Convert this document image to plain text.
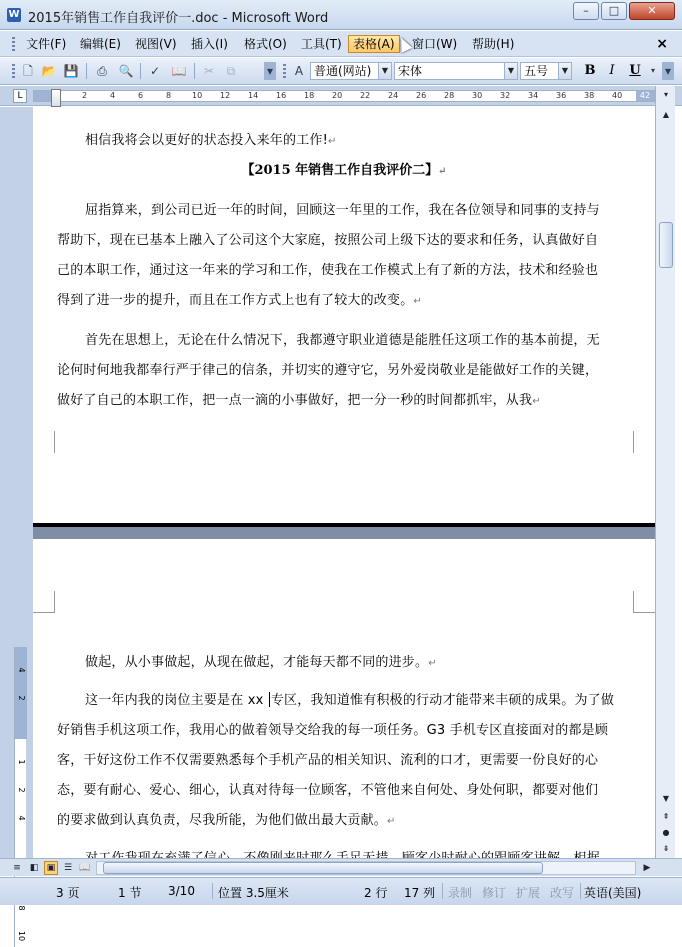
W 2015年销售工作自我评价一.doc - Microsoft Word
–	□	✕
文件(F)	编辑(E)	视图(V)	插入(I)	格式(O)	工具(T) 表格(A)	窗口(W)	帮助(H)	×
🗋 📂 💾	⎙ 🔍	✓ 📖	✂	⧉	▾	A 普通(网站)	▼ 宋体	▼ 五号	▼ B	I	U	▾ ▾
L	2	4	6	8	10 12 14 16 18 20 22 24 26 28 30 32 34 36 38 40	42
4
2
1
2
4
8
10
相信我将会以更好的状态投入来年的工作!↵
【2015 年销售工作自我评价二】↵
屈指算来，到公司已近一年的时间，回顾这一年里的工作，我在各位领导和同事的支持与
帮助下，现在已基本上融入了公司这个大家庭，按照公司上级下达的要求和任务，认真做好自
己的本职工作，通过这一年来的学习和工作，使我在工作模式上有了新的方法，技术和经验也
得到了进一步的提升，而且在工作方式上也有了较大的改变。↵
首先在思想上，无论在什么情况下，我都遵守职业道德是能胜任这项工作的基本前提，无
论何时何地我都奉行严于律己的信条，并切实的遵守它，另外爱岗敬业是能做好工作的关键，
做好了自己的本职工作，把一点一滴的小事做好，把一分一秒的时间都抓牢，从我↵
做起，从小事做起，从现在做起，才能每天都不同的进步。↵
这一年内我的岗位主要是在 xx 专区，我知道惟有积极的行动才能带来丰硕的成果。为了做
好销售手机这项工作，我用心的做着领导交给我的每一项任务。G3 手机专区直接面对的都是顾
客，干好这份工作不仅需要熟悉每个手机产品的相关知识、流利的口才，更需要一份良好的心
态，要有耐心、爱心、细心，认真对待每一位顾客，不管他来自何处、身处何职，都要对他们
的要求做到认真负责，尽我所能，为他们做出最大贡献。↵
▾
▲
▼
⇞
●
⇟
≡ ◧ ▣ ☰ 📖	▶
3 页	1 节 3/10 位置 3.5厘米	2 行 17 列 录制 修订 扩展 改写 英语(美国)
